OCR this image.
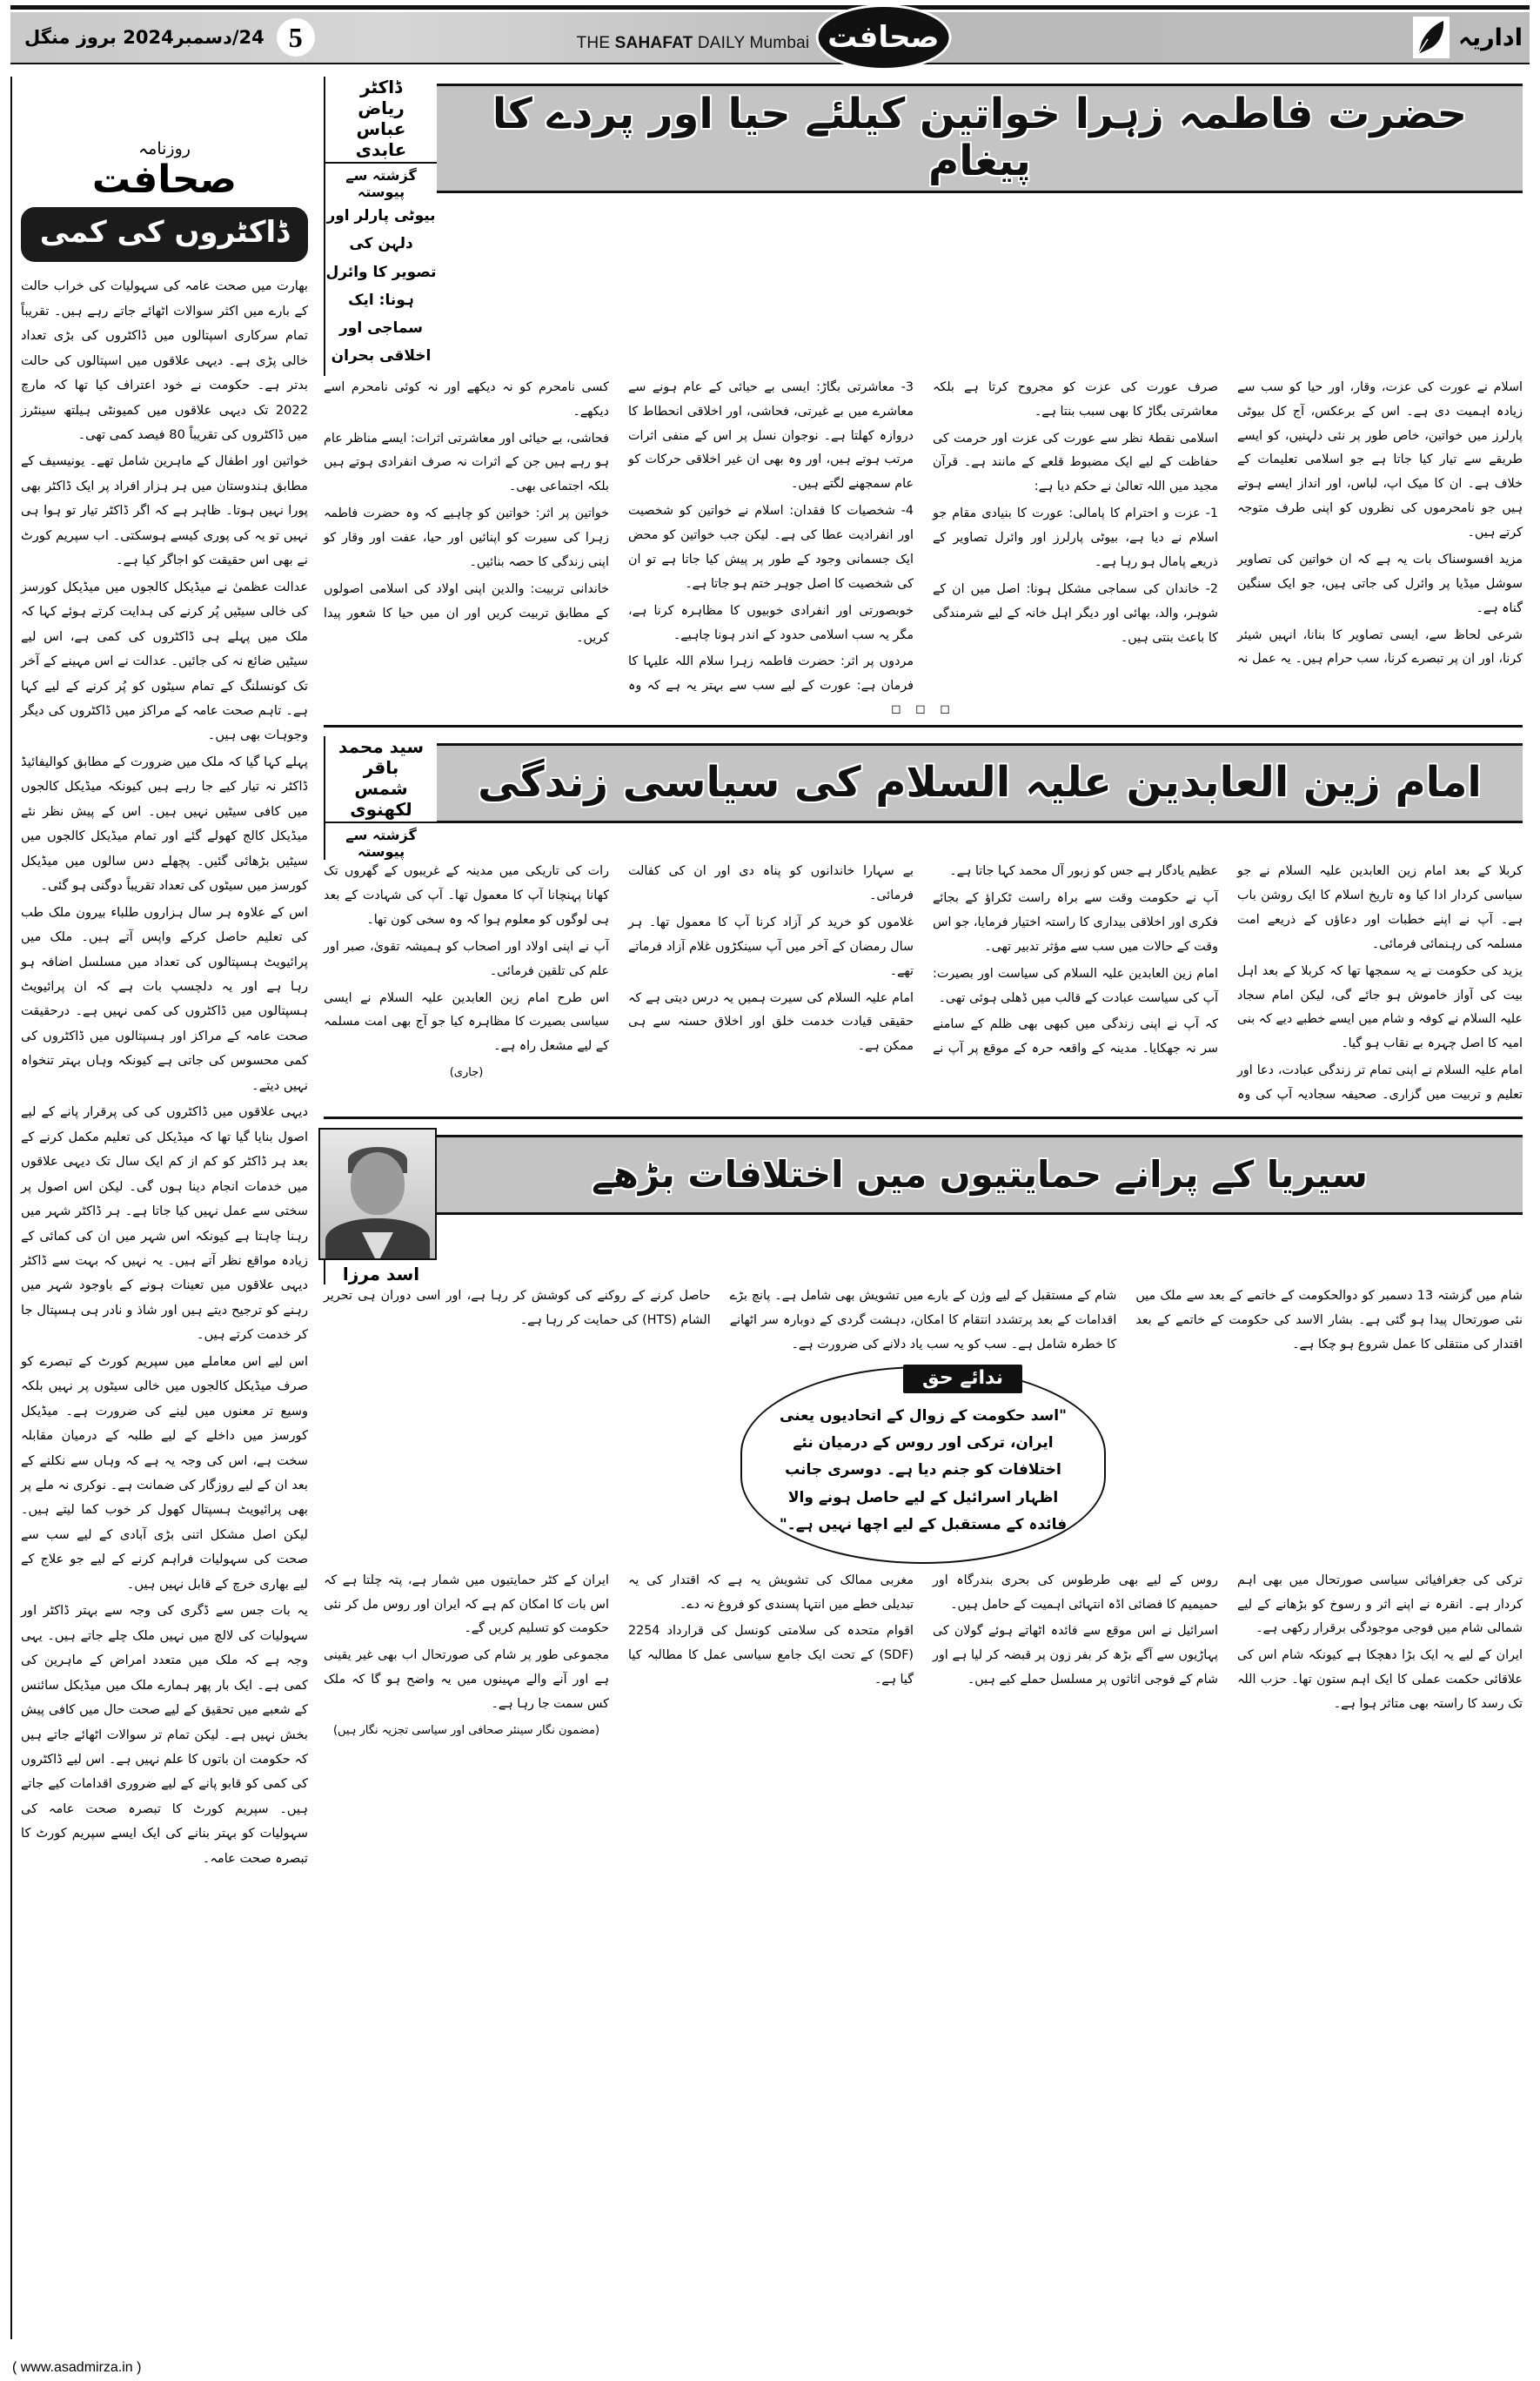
5
24/دسمبر2024 بروز منگل	صحافت
THE SAHAFAT DAILY Mumbai	اداریہ
روزنامہ
صحافت
ڈاکٹروں کی کمی

بھارت میں صحت عامہ کی سہولیات کی خراب حالت کے بارے میں اکثر سوالات اٹھائے جاتے رہے ہیں۔ تقریباً تمام سرکاری اسپتالوں میں ڈاکٹروں کی بڑی تعداد خالی پڑی ہے۔ دیہی علاقوں میں اسپتالوں کی حالت بدتر ہے۔ حکومت نے خود اعتراف کیا تھا کہ مارچ 2022 تک دیہی علاقوں میں کمیونٹی ہیلتھ سینٹرز میں ڈاکٹروں کی تقریباً 80 فیصد کمی تھی۔

خواتین اور اطفال کے ماہرین شامل تھے۔ یونیسیف کے مطابق ہندوستان میں ہر ہزار افراد پر ایک ڈاکٹر بھی پورا نہیں ہوتا۔ ظاہر ہے کہ اگر ڈاکٹر تیار تو ہوا ہی نہیں تو یہ کی پوری کیسے ہوسکتی۔ اب سپریم کورٹ نے بھی اس حقیقت کو اجاگر کیا ہے۔

عدالت عظمیٰ نے میڈیکل کالجوں میں میڈیکل کورسز کی خالی سیٹیں پُر کرنے کی ہدایت کرتے ہوئے کہا کہ ملک میں پہلے ہی ڈاکٹروں کی کمی ہے، اس لیے سیٹیں ضائع نہ کی جائیں۔ عدالت نے اس مہینے کے آخر تک کونسلنگ کے تمام سیٹوں کو پُر کرنے کے لیے کہا ہے۔ تاہم صحت عامہ کے مراکز میں ڈاکٹروں کی دیگر وجوہات بھی ہیں۔

پہلے کہا گیا کہ ملک میں ضرورت کے مطابق کوالیفائیڈ ڈاکٹر نہ تیار کیے جا رہے ہیں کیونکہ میڈیکل کالجوں میں کافی سیٹیں نہیں ہیں۔ اس کے پیش نظر نئے میڈیکل کالج کھولے گئے اور تمام میڈیکل کالجوں میں سیٹیں بڑھائی گئیں۔ پچھلے دس سالوں میں میڈیکل کورسز میں سیٹوں کی تعداد تقریباً دوگنی ہو گئی۔

اس کے علاوہ ہر سال ہزاروں طلباء بیرون ملک طب کی تعلیم حاصل کرکے واپس آتے ہیں۔ ملک میں پرائیویٹ ہسپتالوں کی تعداد میں مسلسل اضافہ ہو رہا ہے اور یہ دلچسپ بات ہے کہ ان پرائیویٹ ہسپتالوں میں ڈاکٹروں کی کمی نہیں ہے۔ درحقیقت صحت عامہ کے مراکز اور ہسپتالوں میں ڈاکٹروں کی کمی محسوس کی جاتی ہے کیونکہ وہاں بہتر تنخواہ نہیں دیتے۔

دیہی علاقوں میں ڈاکٹروں کی کی پرقرار پانے کے لیے اصول بنایا گیا تھا کہ میڈیکل کی تعلیم مکمل کرنے کے بعد ہر ڈاکٹر کو کم از کم ایک سال تک دیہی علاقوں میں خدمات انجام دینا ہوں گی۔ لیکن اس اصول پر سختی سے عمل نہیں کیا جاتا ہے۔ ہر ڈاکٹر شہر میں رہنا چاہتا ہے کیونکہ اس شہر میں ان کی کمائی کے زیادہ مواقع نظر آتے ہیں۔ یہ نہیں کہ بہت سے ڈاکٹر دیہی علاقوں میں تعینات ہونے کے باوجود شہر میں رہنے کو ترجیح دیتے ہیں اور شاذ و نادر ہی ہسپتال جا کر خدمت کرتے ہیں۔

اس لیے اس معاملے میں سپریم کورٹ کے تبصرے کو صرف میڈیکل کالجوں میں خالی سیٹوں پر نہیں بلکہ وسیع تر معنوں میں لینے کی ضرورت ہے۔ میڈیکل کورسز میں داخلے کے لیے طلبہ کے درمیان مقابلہ سخت ہے، اس کی وجہ یہ ہے کہ وہاں سے نکلنے کے بعد ان کے لیے روزگار کی ضمانت ہے۔ نوکری نہ ملے پر بھی پرائیویٹ ہسپتال کھول کر خوب کما لیتے ہیں۔ لیکن اصل مشکل اتنی بڑی آبادی کے لیے سب سے صحت کی سہولیات فراہم کرنے کے لیے جو علاج کے لیے بھاری خرچ کے قابل نہیں ہیں۔

یہ بات جس سے ڈگری کی وجہ سے بہتر ڈاکٹر اور سہولیات کی لالچ میں نہیں ملک چلے جاتے ہیں۔ یہی وجہ ہے کہ ملک میں متعدد امراض کے ماہرین کی کمی ہے۔ ایک بار پھر ہمارے ملک میں میڈیکل سائنس کے شعبے میں تحقیق کے لیے صحت حال میں کافی پیش بخش نہیں ہے۔ لیکن تمام تر سوالات اٹھائے جاتے ہیں کہ حکومت ان باتوں کا علم نہیں ہے۔ اس لیے ڈاکٹروں کی کمی کو قابو پانے کے لیے ضروری اقدامات کیے جاتے ہیں۔ سپریم کورٹ کا تبصرہ صحت عامہ کی سہولیات کو بہتر بنانے کی ایک ایسے سپریم کورٹ کا تبصرہ صحت عامہ۔

ڈاکٹر ریاض عباس عابدی
گزشتہ سے پیوستہ
بیوٹی پارلر اور دلہن کی تصویر کا وائرل ہونا: ایک سماجی اور اخلاقی بحران
حضرت فاطمہ زہرا خواتین کیلئے حیا اور پردے کا پیغام

اسلام نے عورت کی عزت، وقار، اور حیا کو سب سے زیادہ اہمیت دی ہے۔ اس کے برعکس، آج کل بیوٹی پارلرز میں خواتین، خاص طور پر نئی دلہنیں، کو ایسے طریقے سے تیار کیا جاتا ہے جو اسلامی تعلیمات کے خلاف ہے۔ ان کا میک اپ، لباس، اور انداز ایسے ہوتے ہیں جو نامحرموں کی نظروں کو اپنی طرف متوجہ کرتے ہیں۔

مزید افسوسناک بات یہ ہے کہ ان خواتین کی تصاویر سوشل میڈیا پر وائرل کی جاتی ہیں، جو ایک سنگین گناہ ہے۔

شرعی لحاظ سے، ایسی تصاویر کا بنانا، انہیں شیئر کرنا، اور ان پر تبصرے کرنا، سب حرام ہیں۔ یہ عمل نہ صرف عورت کی عزت کو مجروح کرتا ہے بلکہ معاشرتی بگاڑ کا بھی سبب بنتا ہے۔

اسلامی نقطۂ نظر سے عورت کی عزت اور حرمت کی حفاظت کے لیے ایک مضبوط قلعے کے مانند ہے۔ قرآن مجید میں اللہ تعالیٰ نے حکم دیا ہے:

1- عزت و احترام کا پامالی: عورت کا بنیادی مقام جو اسلام نے دیا ہے، بیوٹی پارلرز اور وائرل تصاویر کے ذریعے پامال ہو رہا ہے۔

2- خاندان کی سماجی مشکل ہونا: اصل میں ان کے شوہر، والد، بھائی اور دیگر اہل خانہ کے لیے شرمندگی کا باعث بنتی ہیں۔

3- معاشرتی بگاڑ: ایسی بے حیائی کے عام ہونے سے معاشرے میں بے غیرتی، فحاشی، اور اخلاقی انحطاط کا دروازہ کھلتا ہے۔ نوجوان نسل پر اس کے منفی اثرات مرتب ہوتے ہیں، اور وہ بھی ان غیر اخلاقی حرکات کو عام سمجھنے لگتے ہیں۔

4- شخصیات کا فقدان: اسلام نے خواتین کو شخصیت اور انفرادیت عطا کی ہے۔ لیکن جب خواتین کو محض ایک جسمانی وجود کے طور پر پیش کیا جاتا ہے تو ان کی شخصیت کا اصل جوہر ختم ہو جاتا ہے۔

خوبصورتی اور انفرادی خوبیوں کا مظاہرہ کرنا ہے، مگر یہ سب اسلامی حدود کے اندر ہونا چاہیے۔

مردوں پر اثر: حضرت فاطمہ زہرا سلام اللہ علیہا کا فرمان ہے: عورت کے لیے سب سے بہتر یہ ہے کہ وہ کسی نامحرم کو نہ دیکھے اور نہ کوئی نامحرم اسے دیکھے۔

فحاشی، بے حیائی اور معاشرتی اثرات: ایسے مناظر عام ہو رہے ہیں جن کے اثرات نہ صرف انفرادی ہوتے ہیں بلکہ اجتماعی بھی۔

خواتین پر اثر: خواتین کو چاہیے کہ وہ حضرت فاطمہ زہرا کی سیرت کو اپنائیں اور حیا، عفت اور وقار کو اپنی زندگی کا حصہ بنائیں۔

خاندانی تربیت: والدین اپنی اولاد کی اسلامی اصولوں کے مطابق تربیت کریں اور ان میں حیا کا شعور پیدا کریں۔

◻ ◻ ◻
سید محمد باقر شمس لکھنوی
گزشتہ سے پیوستہ
امام زین العابدین علیہ السلام کی سیاسی زندگی

کربلا کے بعد امام زین العابدین علیہ السلام نے جو سیاسی کردار ادا کیا وہ تاریخ اسلام کا ایک روشن باب ہے۔ آپ نے اپنے خطبات اور دعاؤں کے ذریعے امت مسلمہ کی رہنمائی فرمائی۔

یزید کی حکومت نے یہ سمجھا تھا کہ کربلا کے بعد اہل بیت کی آواز خاموش ہو جائے گی، لیکن امام سجاد علیہ السلام نے کوفہ و شام میں ایسے خطبے دیے کہ بنی امیہ کا اصل چہرہ بے نقاب ہو گیا۔

امام علیہ السلام نے اپنی تمام تر زندگی عبادت، دعا اور تعلیم و تربیت میں گزاری۔ صحیفہ سجادیہ آپ کی وہ عظیم یادگار ہے جس کو زبور آل محمد کہا جاتا ہے۔

آپ نے حکومت وقت سے براہ راست ٹکراؤ کے بجائے فکری اور اخلاقی بیداری کا راستہ اختیار فرمایا، جو اس وقت کے حالات میں سب سے مؤثر تدبیر تھی۔

امام زین العابدین علیہ السلام کی سیاست اور بصیرت: آپ کی سیاست عبادت کے قالب میں ڈھلی ہوئی تھی۔

کہ آپ نے اپنی زندگی میں کبھی بھی ظلم کے سامنے سر نہ جھکایا۔ مدینہ کے واقعہ حرہ کے موقع پر آپ نے بے سہارا خاندانوں کو پناہ دی اور ان کی کفالت فرمائی۔

غلاموں کو خرید کر آزاد کرنا آپ کا معمول تھا۔ ہر سال رمضان کے آخر میں آپ سینکڑوں غلام آزاد فرماتے تھے۔

امام علیہ السلام کی سیرت ہمیں یہ درس دیتی ہے کہ حقیقی قیادت خدمت خلق اور اخلاق حسنہ سے ہی ممکن ہے۔

رات کی تاریکی میں مدینہ کے غریبوں کے گھروں تک کھانا پہنچانا آپ کا معمول تھا۔ آپ کی شہادت کے بعد ہی لوگوں کو معلوم ہوا کہ وہ سخی کون تھا۔

آپ نے اپنی اولاد اور اصحاب کو ہمیشہ تقویٰ، صبر اور علم کی تلقین فرمائی۔

اس طرح امام زین العابدین علیہ السلام نے ایسی سیاسی بصیرت کا مظاہرہ کیا جو آج بھی امت مسلمہ کے لیے مشعل راہ ہے۔

(جاری)

اسد مرزا
سیریا کے پرانے حمایتیوں میں اختلافات بڑھے

شام میں گزشتہ 13 دسمبر کو دوالحکومت کے خاتمے کے بعد سے ملک میں نئی صورتحال پیدا ہو گئی ہے۔ بشار الاسد کی حکومت کے خاتمے کے بعد اقتدار کی منتقلی کا عمل شروع ہو چکا ہے۔

شام کے مستقبل کے لیے وژن کے بارے میں تشویش بھی شامل ہے۔ پانچ بڑے اقدامات کے بعد پرتشدد انتقام کا امکان، دہشت گردی کے دوبارہ سر اٹھانے کا خطرہ شامل ہے۔ سب کو یہ سب یاد دلانے کی ضرورت ہے۔

حاصل کرنے کے روکنے کی کوشش کر رہا ہے، اور اسی دوران ہی تحریر الشام (HTS) کی حمایت کر رہا ہے۔

ندائے حق
"اسد حکومت کے زوال کے اتحادیوں یعنی ایران، ترکی اور روس کے درمیان نئے اختلافات کو جنم دیا ہے۔ دوسری جانب اظہار اسرائیل کے لیے حاصل ہونے والا فائدہ کے مستقبل کے لیے اچھا نہیں ہے۔"

ترکی کی جغرافیائی سیاسی صورتحال میں بھی اہم کردار ہے۔ انقرہ نے اپنے اثر و رسوخ کو بڑھانے کے لیے شمالی شام میں فوجی موجودگی برقرار رکھی ہے۔

ایران کے لیے یہ ایک بڑا دھچکا ہے کیونکہ شام اس کی علاقائی حکمت عملی کا ایک اہم ستون تھا۔ حزب اللہ تک رسد کا راستہ بھی متاثر ہوا ہے۔

روس کے لیے بھی طرطوس کی بحری بندرگاہ اور حمیمیم کا فضائی اڈہ انتہائی اہمیت کے حامل ہیں۔

اسرائیل نے اس موقع سے فائدہ اٹھاتے ہوئے گولان کی پہاڑیوں سے آگے بڑھ کر بفر زون پر قبضہ کر لیا ہے اور شام کے فوجی اثاثوں پر مسلسل حملے کیے ہیں۔

مغربی ممالک کی تشویش یہ ہے کہ اقتدار کی یہ تبدیلی خطے میں انتہا پسندی کو فروغ نہ دے۔

اقوام متحدہ کی سلامتی کونسل کی قرارداد 2254 (SDF) کے تحت ایک جامع سیاسی عمل کا مطالبہ کیا گیا ہے۔

ایران کے کٹر حمایتیوں میں شمار ہے، پتہ چلتا ہے کہ اس بات کا امکان کم ہے کہ ایران اور روس مل کر نئی حکومت کو تسلیم کریں گے۔

مجموعی طور پر شام کی صورتحال اب بھی غیر یقینی ہے اور آنے والے مہینوں میں یہ واضح ہو گا کہ ملک کس سمت جا رہا ہے۔

(مضمون نگار سینئر صحافی اور سیاسی تجزیہ نگار ہیں)

( www.asadmirza.in )
